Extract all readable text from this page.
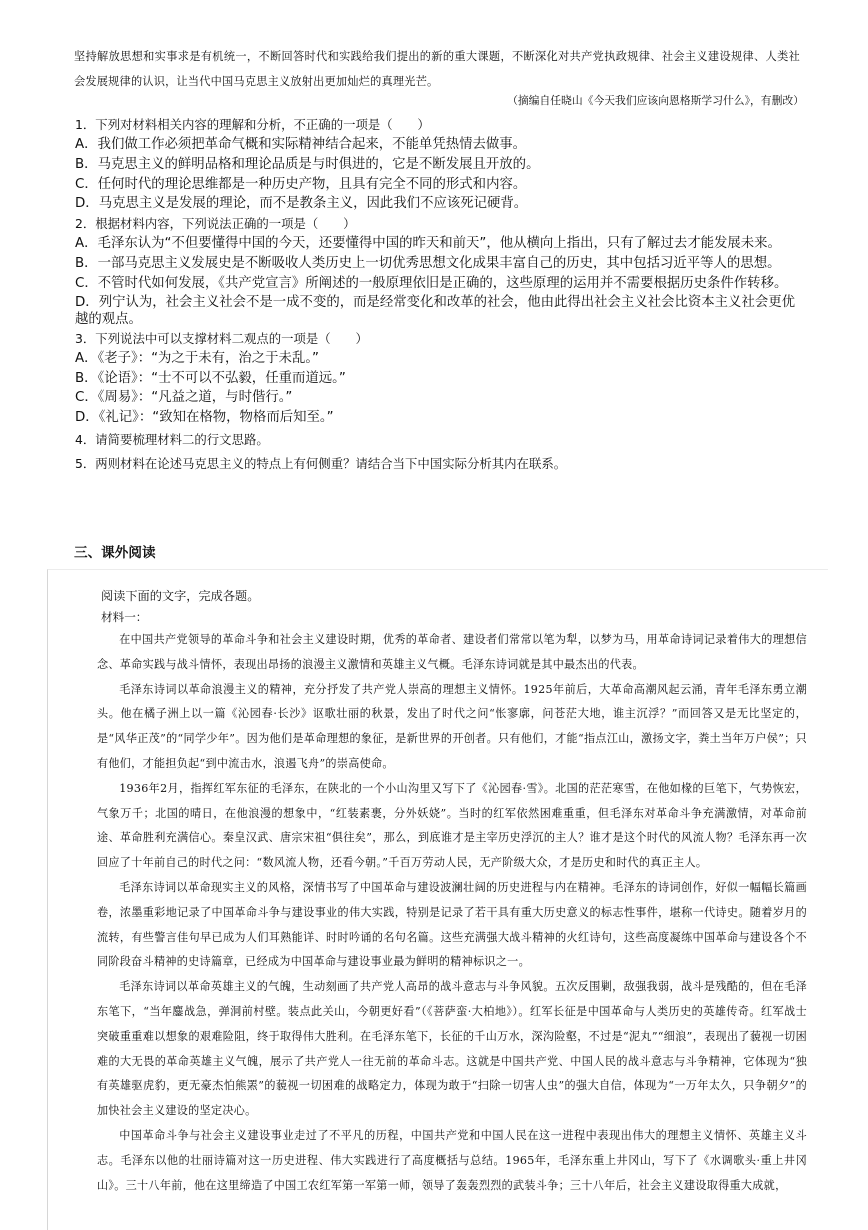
坚持解放思想和实事求是有机统一，不断回答时代和实践给我们提出的新的重大课题，不断深化对共产党执政规律、社会主义建设规律、人类社会发展规律的认识，让当代中国马克思主义放射出更加灿烂的真理光芒。

（摘编自任晓山《今天我们应该向恩格斯学习什么》，有删改）

1．下列对材料相关内容的理解和分析，不正确的一项是（　　）

A．我们做工作必须把革命气概和实际精神结合起来，不能单凭热情去做事。

B．马克思主义的鲜明品格和理论品质是与时俱进的，它是不断发展且开放的。

C．任何时代的理论思维都是一种历史产物，且具有完全不同的形式和内容。

D．马克思主义是发展的理论，而不是教条主义，因此我们不应该死记硬背。

2．根据材料内容，下列说法正确的一项是（　　）

A．毛泽东认为“不但要懂得中国的今天，还要懂得中国的昨天和前天”，他从横向上指出，只有了解过去才能发展未来。

B．一部马克思主义发展史是不断吸收人类历史上一切优秀思想文化成果丰富自己的历史，其中包括习近平等人的思想。

C．不管时代如何发展，《共产党宣言》所阐述的一般原理依旧是正确的，这些原理的运用并不需要根据历史条件作转移。

D．列宁认为，社会主义社会不是一成不变的，而是经常变化和改革的社会，他由此得出社会主义社会比资本主义社会更优越的观点。

3．下列说法中可以支撑材料二观点的一项是（　　）

A．《老子》：“为之于未有，治之于未乱。”

B．《论语》：“士不可以不弘毅，任重而道远。”

C．《周易》：“凡益之道，与时偕行。”

D．《礼记》：“致知在格物，物格而后知至。”

4．请简要梳理材料二的行文思路。

5．两则材料在论述马克思主义的特点上有何侧重？请结合当下中国实际分析其内在联系。

三、课外阅读

阅读下面的文字，完成各题。

材料一：

在中国共产党领导的革命斗争和社会主义建设时期，优秀的革命者、建设者们常常以笔为犁，以梦为马，用革命诗词记录着伟大的理想信念、革命实践与战斗情怀，表现出昂扬的浪漫主义激情和英雄主义气概。毛泽东诗词就是其中最杰出的代表。

毛泽东诗词以革命浪漫主义的精神，充分抒发了共产党人崇高的理想主义情怀。1925年前后，大革命高潮风起云涌，青年毛泽东勇立潮头。他在橘子洲上以一篇《沁园春·长沙》讴歌壮丽的秋景，发出了时代之问“怅寥廓，问苍茫大地，谁主沉浮？”而回答又是无比坚定的，是“风华正茂”的“同学少年”。因为他们是革命理想的象征，是新世界的开创者。只有他们，才能“指点江山，激扬文字，粪土当年万户侯”；只有他们，才能担负起“到中流击水，浪遏飞舟”的崇高使命。

1936年2月，指挥红军东征的毛泽东，在陕北的一个小山沟里又写下了《沁园春·雪》。北国的茫茫寒雪，在他如椽的巨笔下，气势恢宏，气象万千；北国的晴日，在他浪漫的想象中，“红装素裹，分外妖娆”。当时的红军依然困难重重，但毛泽东对革命斗争充满激情，对革命前途、革命胜利充满信心。秦皇汉武、唐宗宋祖“俱往矣”，那么，到底谁才是主宰历史浮沉的主人？谁才是这个时代的风流人物？毛泽东再一次回应了十年前自己的时代之问：“数风流人物，还看今朝。”千百万劳动人民，无产阶级大众，才是历史和时代的真正主人。

毛泽东诗词以革命现实主义的风格，深情书写了中国革命与建设波澜壮阔的历史进程与内在精神。毛泽东的诗词创作，好似一幅幅长篇画卷，浓墨重彩地记录了中国革命斗争与建设事业的伟大实践，特别是记录了若干具有重大历史意义的标志性事件，堪称一代诗史。随着岁月的流转，有些警言佳句早已成为人们耳熟能详、时时吟诵的名句名篇。这些充满强大战斗精神的火红诗句，这些高度凝练中国革命与建设各个不同阶段奋斗精神的史诗篇章，已经成为中国革命与建设事业最为鲜明的精神标识之一。

毛泽东诗词以革命英雄主义的气魄，生动刻画了共产党人高昂的战斗意志与斗争风貌。五次反围剿，敌强我弱，战斗是残酷的，但在毛泽东笔下，“当年鏖战急，弹洞前村壁。装点此关山，今朝更好看”（《菩萨蛮·大柏地》）。红军长征是中国革命与人类历史的英雄传奇。红军战士突破重重难以想象的艰难险阻，终于取得伟大胜利。在毛泽东笔下，长征的千山万水，深沟险壑，不过是“泥丸”“细浪”，表现出了藐视一切困难的大无畏的革命英雄主义气魄，展示了共产党人一往无前的革命斗志。这就是中国共产党、中国人民的战斗意志与斗争精神，它体现为“独有英雄驱虎豹，更无豪杰怕熊罴”的藐视一切困难的战略定力，体现为敢于“扫除一切害人虫”的强大自信，体现为“一万年太久，只争朝夕”的加快社会主义建设的坚定决心。

中国革命斗争与社会主义建设事业走过了不平凡的历程，中国共产党和中国人民在这一进程中表现出伟大的理想主义情怀、英雄主义斗志。毛泽东以他的壮丽诗篇对这一历史进程、伟大实践进行了高度概括与总结。1965年，毛泽东重上井冈山，写下了《水调歌头·重上井冈山》。三十八年前，他在这里缔造了中国工农红军第一军第一师，领导了轰轰烈烈的武装斗争；三十八年后，社会主义建设取得重大成就，
